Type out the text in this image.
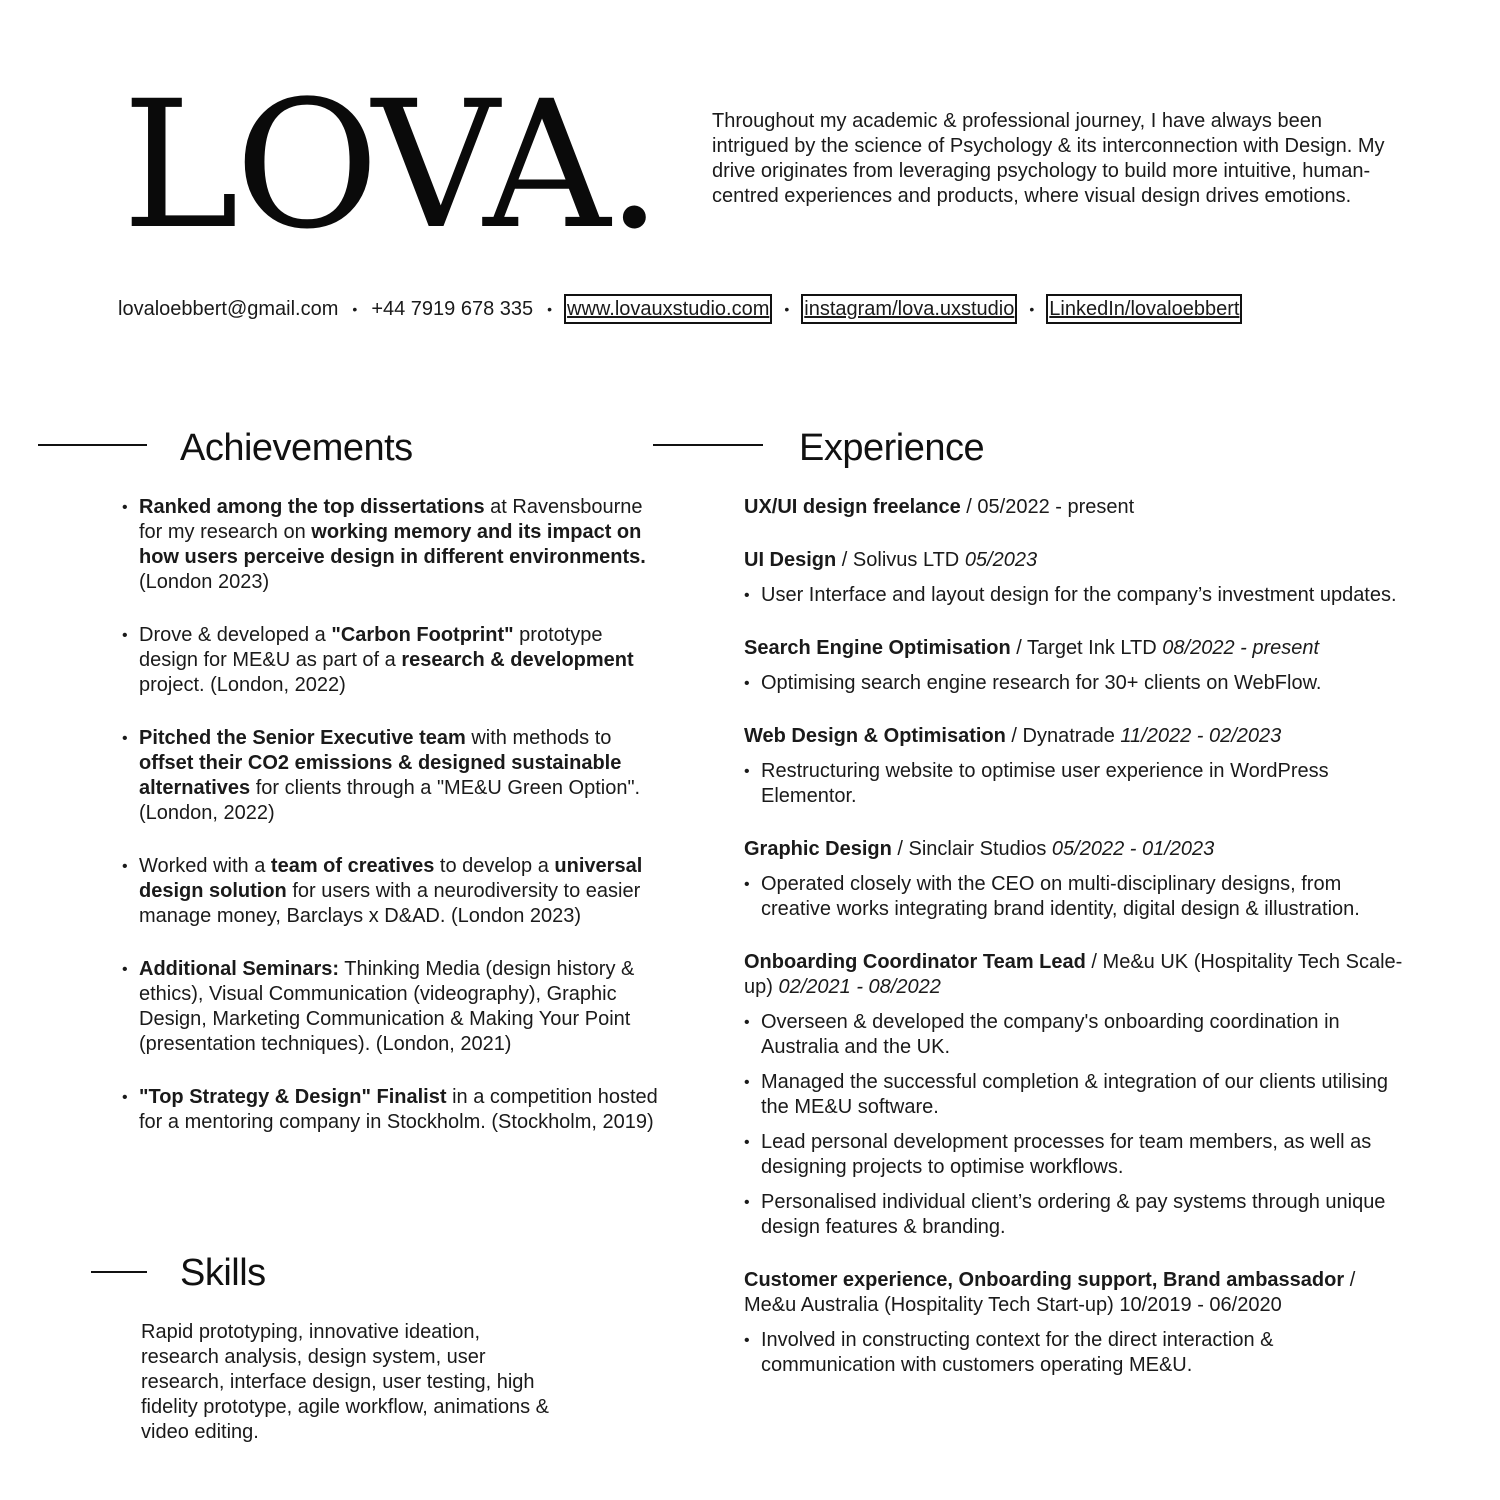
LOVA.	Throughout my academic & professional journey, I have always been intrigued by the science of Psychology & its interconnection with Design. My drive originates from leveraging psychology to build more intuitive, human-centred experiences and products, where visual design drives emotions.

lovaloebbert@gmail.com • +44 7919 678 335 • www.lovauxstudio.com • instagram/lova.uxstudio • LinkedIn/lovaloebbert
Achievements
• Ranked among the top dissertations at Ravensbourne for my research on working memory and its impact on how users perceive design in different environments. (London 2023)
• Drove & developed a "Carbon Footprint" prototype design for ME&U as part of a research & development project. (London, 2022)
• Pitched the Senior Executive team with methods to offset their CO2 emissions & designed sustainable alternatives for clients through a "ME&U Green Option". (London, 2022)
• Worked with a team of creatives to develop a universal design solution for users with a neurodiversity to easier manage money, Barclays x D&AD. (London 2023)
• Additional Seminars: Thinking Media (design history & ethics), Visual Communication (videography), Graphic Design, Marketing Communication & Making Your Point (presentation techniques). (London, 2021)
• "Top Strategy & Design" Finalist in a competition hosted for a mentoring company in Stockholm. (Stockholm, 2019)
Skills

Rapid prototyping, innovative ideation, research analysis, design system, user research, interface design, user testing, high fidelity prototype, agile workflow, animations & video editing.

Experience

UX/UI design freelance / 05/2022 - present

UI Design / Solivus LTD 05/2023

• User Interface and layout design for the company’s investment updates.

Search Engine Optimisation / Target Ink LTD 08/2022 - present

• Optimising search engine research for 30+ clients on WebFlow.

Web Design & Optimisation / Dynatrade 11/2022 - 02/2023

• Restructuring website to optimise user experience in WordPress Elementor.

Graphic Design / Sinclair Studios 05/2022 - 01/2023

• Operated closely with the CEO on multi-disciplinary designs, from creative works integrating brand identity, digital design & illustration.

Onboarding Coordinator Team Lead / Me&u UK (Hospitality Tech Scale-up) 02/2021 - 08/2022

• Overseen & developed the company's onboarding coordination in Australia and the UK.
• Managed the successful completion & integration of our clients utilising the ME&U software.
• Lead personal development processes for team members, as well as designing projects to optimise workflows.
• Personalised individual client’s ordering & pay systems through unique design features & branding.

Customer experience, Onboarding support, Brand ambassador / Me&u Australia (Hospitality Tech Start-up) 10/2019 - 06/2020

• Involved in constructing context for the direct interaction & communication with customers operating ME&U.
